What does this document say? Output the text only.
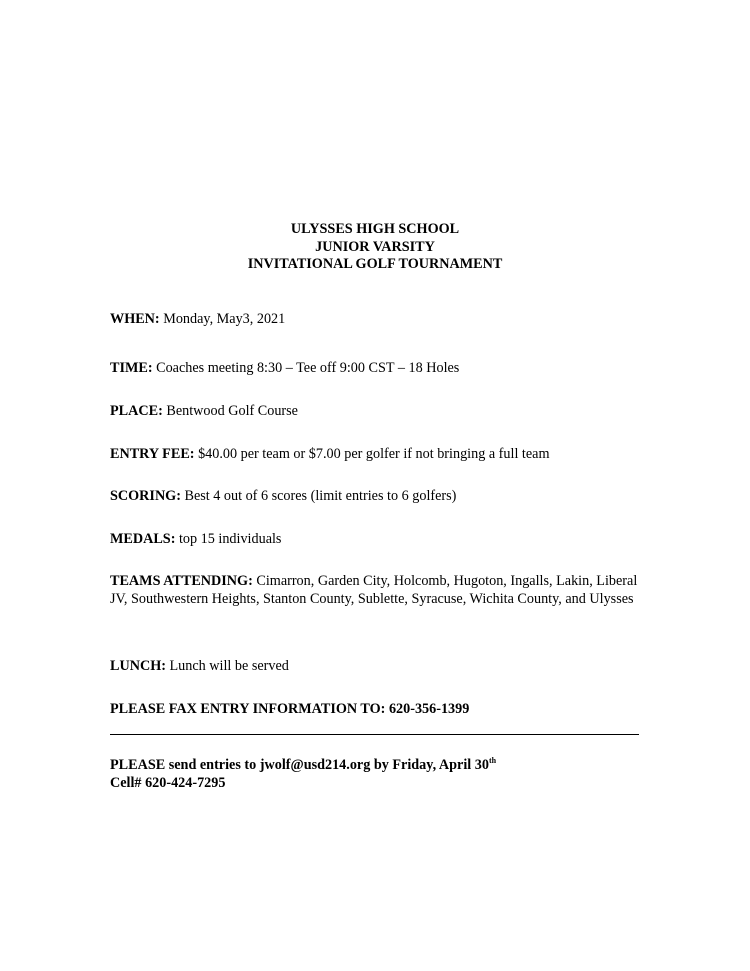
ULYSSES HIGH SCHOOL
JUNIOR VARSITY
INVITATIONAL GOLF TOURNAMENT
WHEN: Monday, May3, 2021
TIME: Coaches meeting 8:30 – Tee off 9:00 CST – 18 Holes
PLACE: Bentwood Golf Course
ENTRY FEE: $40.00 per team or $7.00 per golfer if not bringing a full team
SCORING: Best 4 out of 6 scores (limit entries to 6 golfers)
MEDALS: top 15 individuals
TEAMS ATTENDING: Cimarron, Garden City, Holcomb, Hugoton, Ingalls, Lakin, Liberal JV, Southwestern Heights, Stanton County, Sublette, Syracuse, Wichita County, and Ulysses
LUNCH: Lunch will be served
PLEASE FAX ENTRY INFORMATION TO: 620-356-1399
PLEASE send entries to jwolf@usd214.org by Friday, April 30th
Cell# 620-424-7295
